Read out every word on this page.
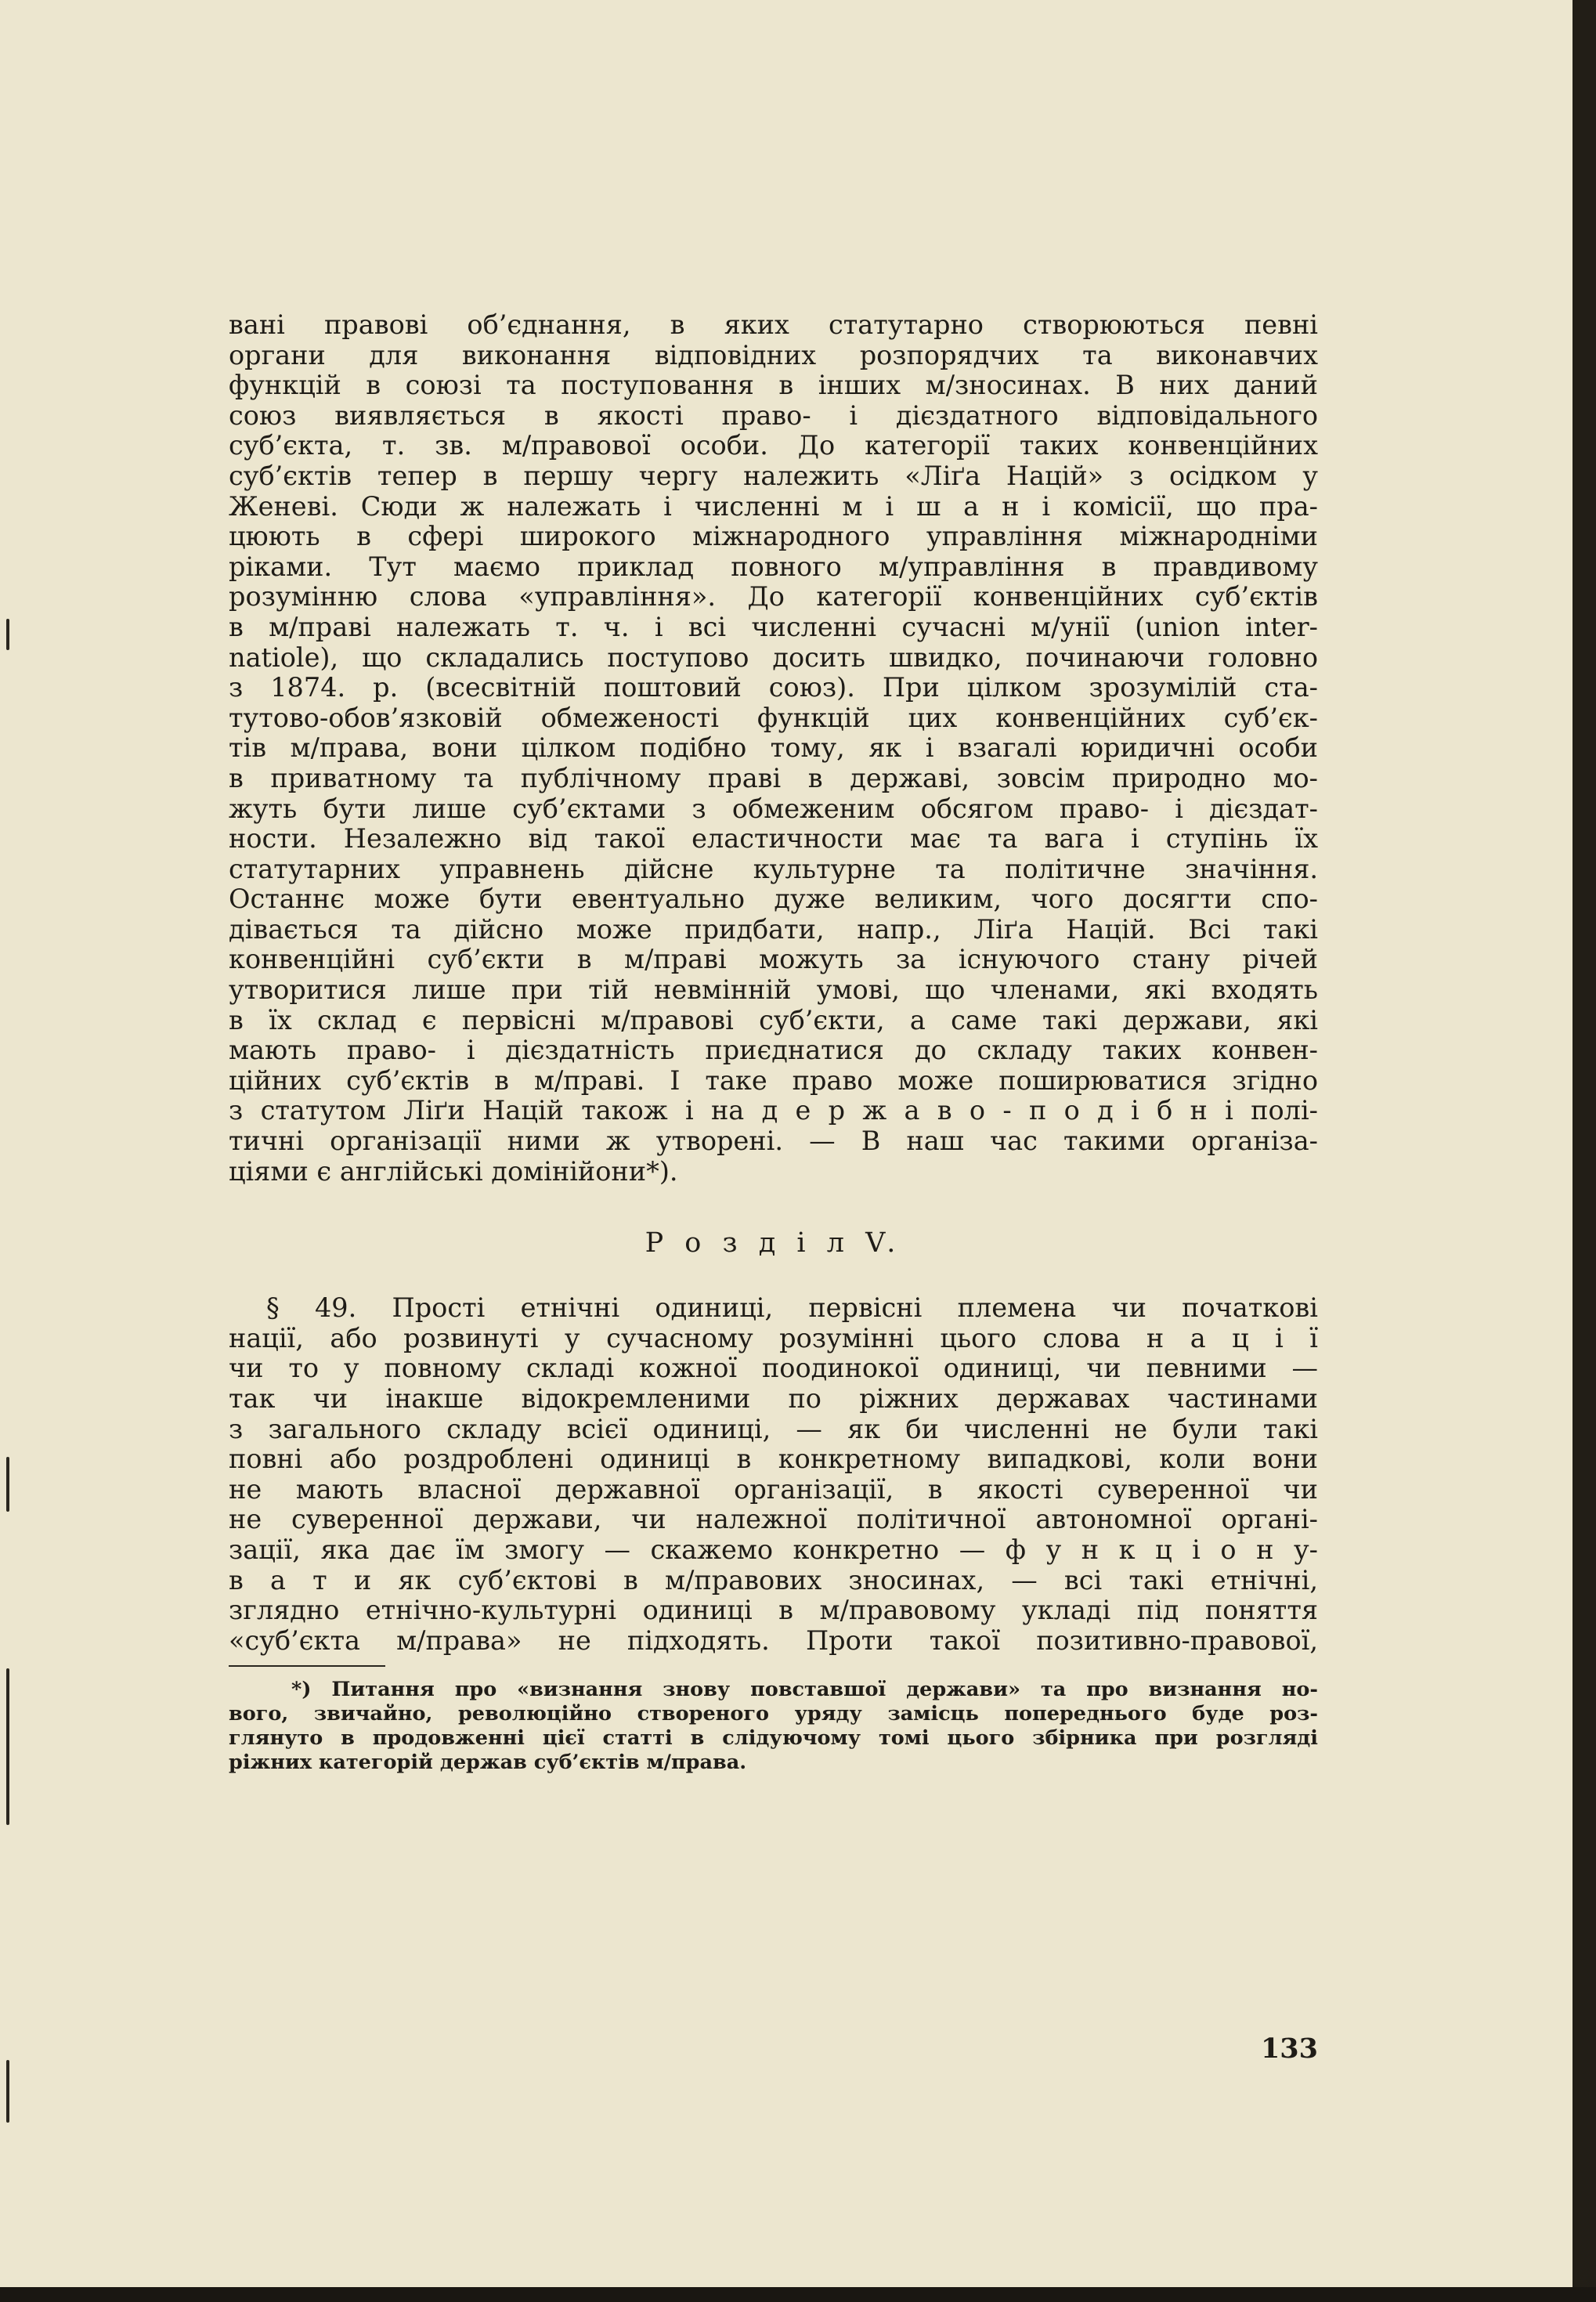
вані правові об’єднання, в яких статутарно створюються певні
органи для виконання відповідних розпорядчих та виконавчих
функцій в союзі та поступовання в інших м/зносинах. В них даний
союз виявляється в якості право- і дієздатного відповідального
суб’єкта, т. зв. м/правової особи. До категорії таких конвенційних
суб’єктів тепер в першу чергу належить «Ліґа Націй» з осідком у
Женеві. Сюди ж належать і численні м і ш а н і комісії, що пра-
цюють в сфері широкого міжнародного управління міжнародніми
ріками. Тут маємо приклад повного м/управління в правдивому
розумінню слова «управління». До категорії конвенційних суб’єктів
в м/праві належать т. ч. і всі численні сучасні м/унії (union inter-
natiole), що складались поступово досить швидко, починаючи головно
з 1874. р. (всесвітній поштовий союз). При цілком зрозумілій ста-
тутово-обов’язковій обмеженості функцій цих конвенційних суб’єк-
тів м/права, вони цілком подібно тому, як і взагалі юридичні особи
в приватному та публічному праві в державі, зовсім природно мо-
жуть бути лише суб’єктами з обмеженим обсягом право- і дієздат-
ности. Незалежно від такої еластичности має та вага і ступінь їх
статутарних управнень дійсне культурне та політичне значіння.
Останнє може бути евентуально дуже великим, чого досягти спо-
дівається та дійсно може придбати, напр., Ліґа Націй. Всі такі
конвенційні суб’єкти в м/праві можуть за існуючого стану річей
утворитися лише при тій невмінній умові, що членами, які входять
в їх склад є первісні м/правові суб’єкти, а саме такі держави, які
мають право- і дієздатність приєднатися до складу таких конвен-
ційних суб’єктів в м/праві. І таке право може поширюватися згідно
з статутом Ліґи Націй також і на д е р ж а в о - п о д і б н і полі-
тичні організації ними ж утворені. — В наш час такими організа-
ціями є англійські домінійони*).

Р о з д і л V.

§ 49. Прості етнічні одиниці, первісні племена чи початкові
нації, або розвинуті у сучасному розумінні цього слова н а ц і ї
чи то у повному складі кожної поодинокої одиниці, чи певними —
так чи інакше відокремленими по ріжних державах частинами
з загального складу всієї одиниці, — як би численні не були такі
повні або роздроблені одиниці в конкретному випадкові, коли вони
не мають власної державної організації, в якості суверенної чи
не суверенної держави, чи належної політичної автономної органі-
зації, яка дає їм змогу — скажемо конкретно — ф у н к ц і о н у-
в а т и як суб’єктові в м/правових зносинах, — всі такі етнічні,
зглядно етнічно-культурні одиниці в м/правовому укладі під поняття
«суб’єкта м/права» не підходять. Проти такої позитивно-правової,

*) Питання про «визнання знову повставшої держави» та про визнання но-
вого, звичайно, революційно створеного уряду замісць попереднього буде роз-
глянуто в продовженні цієї статті в слідуючому томі цього збірника при розгляді
ріжних категорій держав суб’єктів м/права.
133
